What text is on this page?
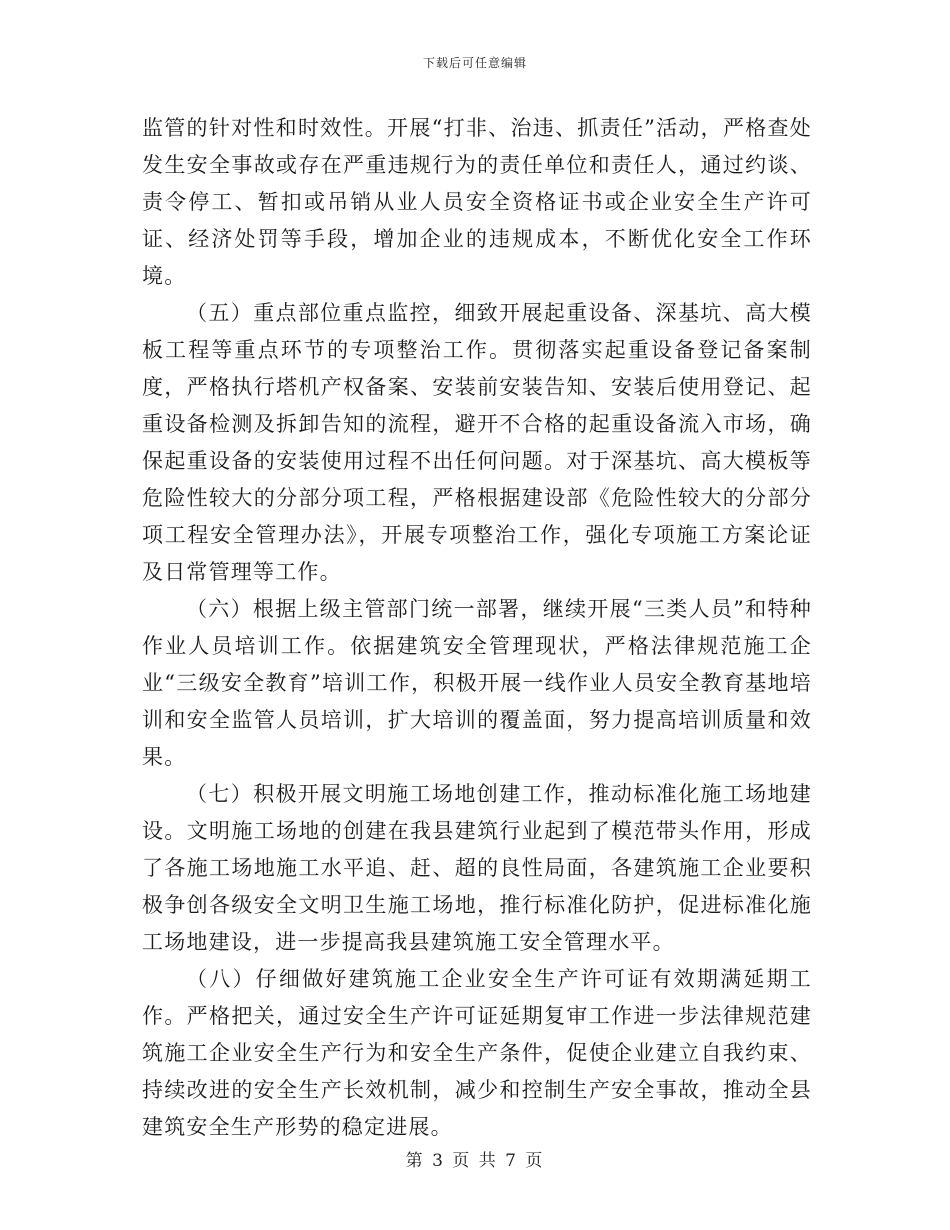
下载后可任意编辑

监管的针对性和时效性。开展“打非、治违、抓责任”活动，严格查处发生安全事故或存在严重违规行为的责任单位和责任人，通过约谈、责令停工、暂扣或吊销从业人员安全资格证书或企业安全生产许可证、经济处罚等手段，增加企业的违规成本，不断优化安全工作环境。

（五）重点部位重点监控，细致开展起重设备、深基坑、高大模板工程等重点环节的专项整治工作。贯彻落实起重设备登记备案制度，严格执行塔机产权备案、安装前安装告知、安装后使用登记、起重设备检测及拆卸告知的流程，避开不合格的起重设备流入市场，确保起重设备的安装使用过程不出任何问题。对于深基坑、高大模板等危险性较大的分部分项工程，严格根据建设部《危险性较大的分部分项工程安全管理办法》，开展专项整治工作，强化专项施工方案论证及日常管理等工作。

（六）根据上级主管部门统一部署，继续开展“三类人员”和特种作业人员培训工作。依据建筑安全管理现状，严格法律规范施工企业“三级安全教育”培训工作，积极开展一线作业人员安全教育基地培训和安全监管人员培训，扩大培训的覆盖面，努力提高培训质量和效果。

（七）积极开展文明施工场地创建工作，推动标准化施工场地建设。文明施工场地的创建在我县建筑行业起到了模范带头作用，形成了各施工场地施工水平追、赶、超的良性局面，各建筑施工企业要积极争创各级安全文明卫生施工场地，推行标准化防护，促进标准化施工场地建设，进一步提高我县建筑施工安全管理水平。

（八）仔细做好建筑施工企业安全生产许可证有效期满延期工作。严格把关，通过安全生产许可证延期复审工作进一步法律规范建筑施工企业安全生产行为和安全生产条件，促使企业建立自我约束、持续改进的安全生产长效机制，减少和控制生产安全事故，推动全县建筑安全生产形势的稳定进展。

第 3 页 共 7 页
